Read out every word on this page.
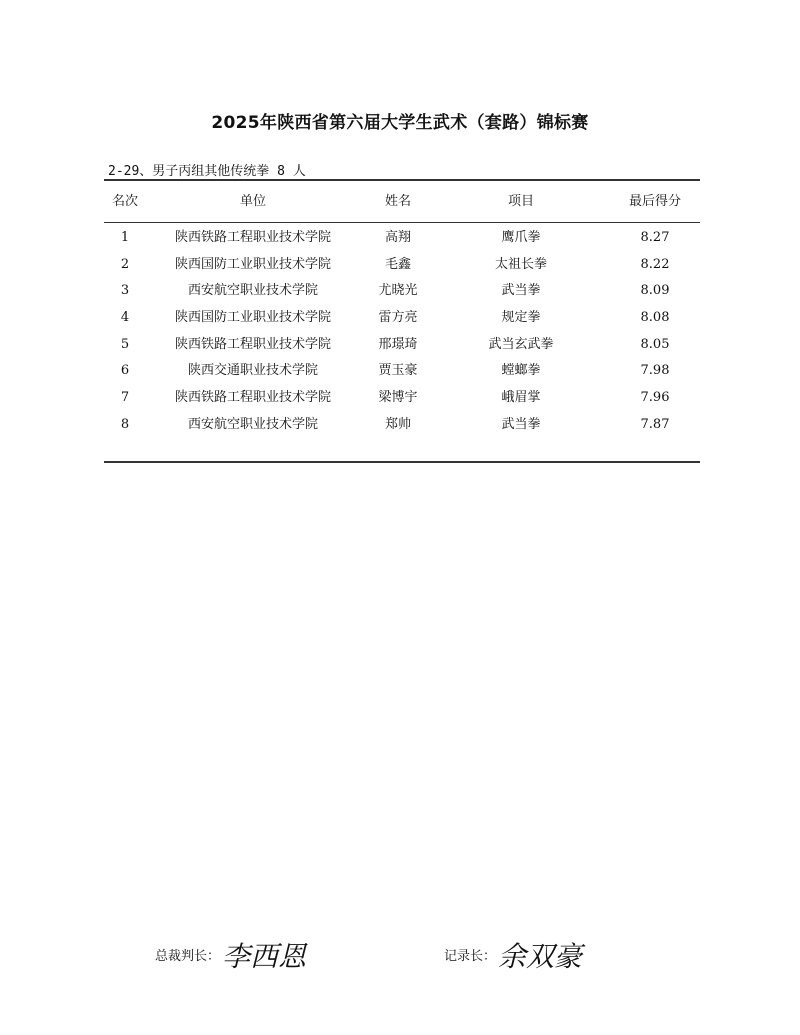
2025年陕西省第六届大学生武术（套路）锦标赛
2-29、男子丙组其他传统拳 8 人
名次	单位	姓名	项目	最后得分
1	陕西铁路工程职业技术学院	高翔	鹰爪拳	8.27
2	陕西国防工业职业技术学院	毛鑫	太祖长拳	8.22
3	西安航空职业技术学院	尤晓光	武当拳	8.09
4	陕西国防工业职业技术学院	雷方亮	规定拳	8.08
5	陕西铁路工程职业技术学院	邢璟琦	武当玄武拳	8.05
6	陕西交通职业技术学院	贾玉豪	螳螂拳	7.98
7	陕西铁路工程职业技术学院	梁博宇	峨眉掌	7.96
8	西安航空职业技术学院	郑帅	武当拳	7.87
总裁判长： 李西恩	记录长： 余双豪
